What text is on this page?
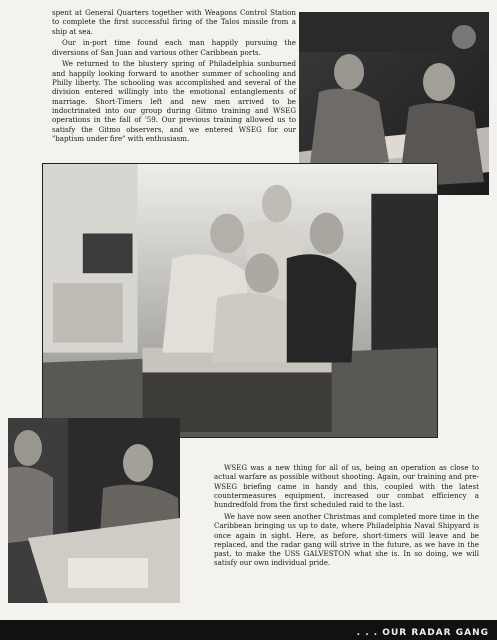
spent at General Quarters together with Weapons Control Station to complete the first successful firing of the Talos missile from a ship at sea.

Our in-port time found each man happily pursuing the diversions of San Juan and various other Caribbean ports.

We returned to the blustery spring of Philadelphia sunburned and happily looking forward to another summer of schooling and Philly liberty. The schooling was accomplished and several of the division entered willingly into the emotional entanglements of marriage. Short-Timers left and new men arrived to be indoctrinated into our group during Gitmo training and WSEG operations in the fall of '59. Our previous training allowed us to satisfy the Gitmo observers, and we entered WSEG for our "baptism under fire" with enthusiasm.

WSEG was a new thing for all of us, being an operation as close to actual warfare as possible without shooting. Again, our training and pre-WSEG briefing came in handy and this, coupled with the latest countermeasures equipment, increased our combat efficiency a hundredfold from the first scheduled raid to the last.

We have now seen another Christmas and completed more time in the Caribbean bringing us up to date, where Philadelphia Naval Shipyard is once again in sight. Here, as before, short-timers will leave and be replaced, and the radar gang will strive in the future, as we have in the past, to make the USS GALVESTON what she is. In so doing, we will satisfy our own individual pride.

. . . OUR RADAR GANG
